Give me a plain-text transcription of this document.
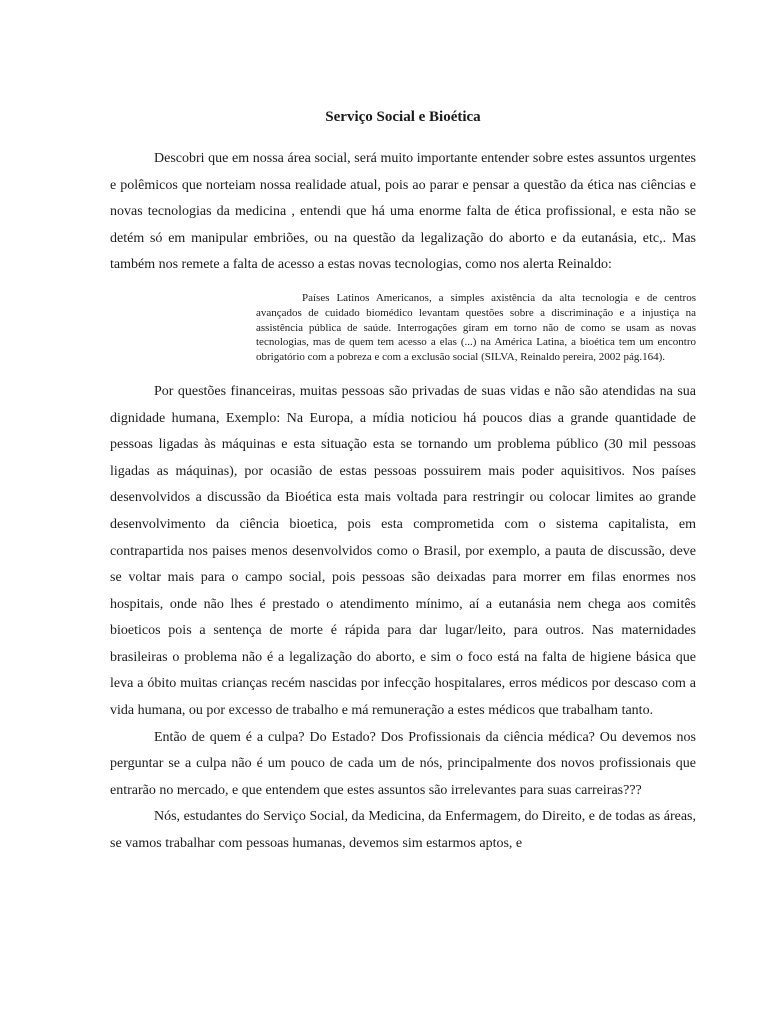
Serviço Social e Bioética

Descobri que em nossa área social, será muito importante entender sobre estes assuntos urgentes e polêmicos que norteiam nossa realidade atual, pois ao parar e pensar a questão da ética nas ciências e novas tecnologias da medicina , entendi que há uma enorme falta de ética profissional, e esta não se detém só em manipular embriões, ou na questão da legalização do aborto e da eutanásia, etc,. Mas também nos remete a falta de acesso a estas novas tecnologias, como nos alerta Reinaldo:

Países Latinos Americanos, a simples axistência da alta tecnologia e de centros avançados de cuidado biomédico levantam questões sobre a discriminação e a injustiça na assistência pública de saúde. Interrogações giram em torno não de como se usam as novas tecnologias, mas de quem tem acesso a elas (...) na América Latina, a bioética tem um encontro obrigatório com a pobreza e com a exclusão social (SILVA, Reinaldo pereira, 2002 pág.164).

Por questões financeiras, muitas pessoas são privadas de suas vidas e não são atendidas na sua dignidade humana, Exemplo: Na Europa, a mídia noticiou há poucos dias a grande quantidade de pessoas ligadas às máquinas e esta situação esta se tornando um problema público (30 mil pessoas ligadas as máquinas), por ocasião de estas pessoas possuirem mais poder aquisitivos. Nos países desenvolvidos a discussão da Bioética esta mais voltada para restringir ou colocar limites ao grande desenvolvimento da ciência bioetica, pois esta comprometida com o sistema capitalista, em contrapartida nos paises menos desenvolvidos como o Brasil, por exemplo, a pauta de discussão, deve se voltar mais para o campo social, pois pessoas são deixadas para morrer em filas enormes nos hospitais, onde não lhes é prestado o atendimento mínimo, aí a eutanásia nem chega aos comitês bioeticos pois a sentença de morte é rápida para dar lugar/leito, para outros. Nas maternidades brasileiras o problema não é a legalização do aborto, e sim o foco está na falta de higiene básica que leva a óbito muitas crianças recém nascidas por infecção hospitalares, erros médicos por descaso com a vida humana, ou por excesso de trabalho e má remuneração a estes médicos que trabalham tanto.

Então de quem é a culpa? Do Estado? Dos Profissionais da ciência médica? Ou devemos nos perguntar se a culpa não é um pouco de cada um de nós, principalmente dos novos profissionais que entrarão no mercado, e que entendem que estes assuntos são irrelevantes para suas carreiras???

Nós, estudantes do Serviço Social, da Medicina, da Enfermagem, do Direito, e de todas as áreas, se vamos trabalhar com pessoas humanas, devemos sim estarmos aptos, e
